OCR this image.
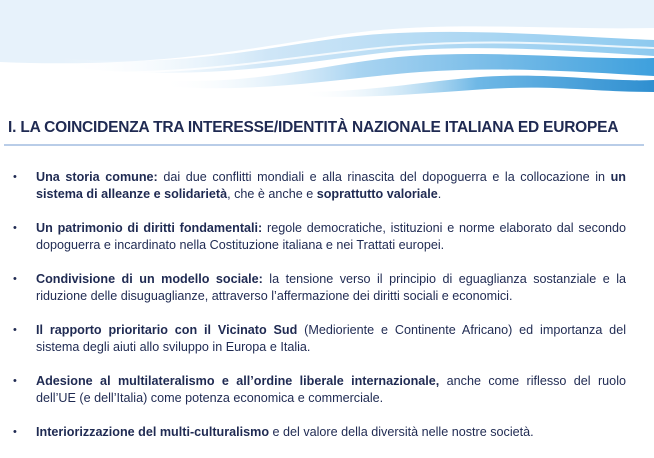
I. LA COINCIDENZA TRA INTERESSE/IDENTITÀ NAZIONALE ITALIANA ED EUROPEA
• Una storia comune: dai due conflitti mondiali e alla rinascita del dopoguerra e la collocazione in un sistema di alleanze e solidarietà, che è anche e soprattutto valoriale.
• Un patrimonio di diritti fondamentali: regole democratiche, istituzioni e norme elaborato dal secondo dopoguerra e incardinato nella Costituzione italiana e nei Trattati europei.
• Condivisione di un modello sociale: la tensione verso il principio di eguaglianza sostanziale e la riduzione delle disuguaglianze, attraverso l’affermazione dei diritti sociali e economici.
• Il rapporto prioritario con il Vicinato Sud (Medioriente e Continente Africano) ed importanza del sistema degli aiuti allo sviluppo in Europa e Italia.
• Adesione al multilateralismo e all’ordine liberale internazionale, anche come riflesso del ruolo dell’UE (e dell’Italia) come potenza economica e commerciale.
• Interiorizzazione del multi-culturalismo e del valore della diversità nelle nostre società.
